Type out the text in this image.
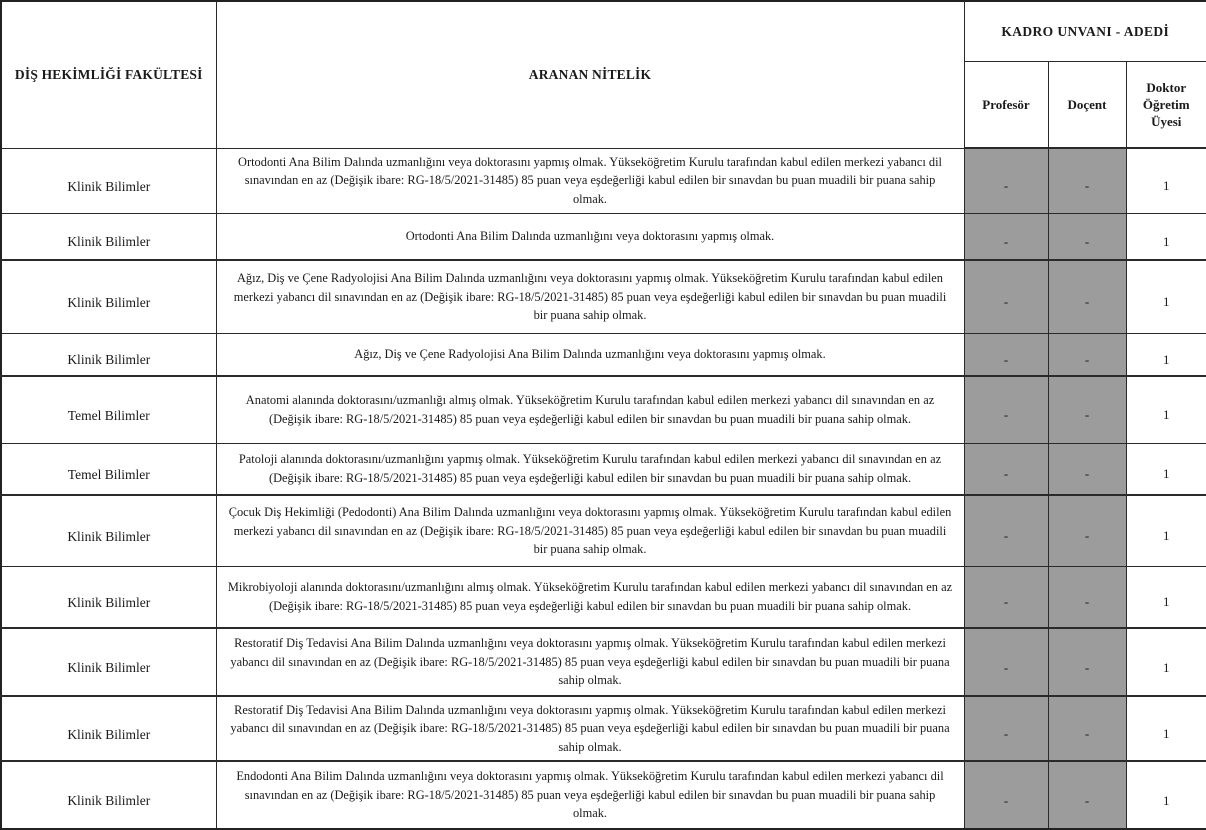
DİŞ HEKİMLİĞİ FAKÜLTESİ	ARANAN NİTELİK	KADRO UNVANI - ADEDİ		
		Profesör	Doçent	Doktor Öğretim Üyesi
Klinik Bilimler	Ortodonti Ana Bilim Dalında uzmanlığını veya doktorasını yapmış olmak. Yükseköğretim Kurulu tarafından kabul edilen merkezi yabancı dil sınavından en az (Değişik ibare: RG-18/5/2021-31485) 85 puan veya eşdeğerliği kabul edilen bir sınavdan bu puan muadili bir puana sahip olmak.	-	-	1
Klinik Bilimler	Ortodonti Ana Bilim Dalında uzmanlığını veya doktorasını yapmış olmak.	-	-	1
Klinik Bilimler	Ağız, Diş ve Çene Radyolojisi Ana Bilim Dalında uzmanlığını veya doktorasını yapmış olmak. Yükseköğretim Kurulu tarafından kabul edilen merkezi yabancı dil sınavından en az (Değişik ibare: RG-18/5/2021-31485) 85 puan veya eşdeğerliği kabul edilen bir sınavdan bu puan muadili bir puana sahip olmak.	-	-	1
Klinik Bilimler	Ağız, Diş ve Çene Radyolojisi Ana Bilim Dalında uzmanlığını veya doktorasını yapmış olmak.	-	-	1
Temel Bilimler	Anatomi alanında doktorasını/uzmanlığı almış olmak. Yükseköğretim Kurulu tarafından kabul edilen merkezi yabancı dil sınavından en az (Değişik ibare: RG-18/5/2021-31485) 85 puan veya eşdeğerliği kabul edilen bir sınavdan bu puan muadili bir puana sahip olmak.	-	-	1
Temel Bilimler	Patoloji alanında doktorasını/uzmanlığını yapmış olmak. Yükseköğretim Kurulu tarafından kabul edilen merkezi yabancı dil sınavından en az (Değişik ibare: RG-18/5/2021-31485) 85 puan veya eşdeğerliği kabul edilen bir sınavdan bu puan muadili bir puana sahip olmak.	-	-	1
Klinik Bilimler	Çocuk Diş Hekimliği (Pedodonti) Ana Bilim Dalında uzmanlığını veya doktorasını yapmış olmak. Yükseköğretim Kurulu tarafından kabul edilen merkezi yabancı dil sınavından en az (Değişik ibare: RG-18/5/2021-31485) 85 puan veya eşdeğerliği kabul edilen bir sınavdan bu puan muadili bir puana sahip olmak.	-	-	1
Klinik Bilimler	Mikrobiyoloji alanında doktorasını/uzmanlığını almış olmak. Yükseköğretim Kurulu tarafından kabul edilen merkezi yabancı dil sınavından en az (Değişik ibare: RG-18/5/2021-31485) 85 puan veya eşdeğerliği kabul edilen bir sınavdan bu puan muadili bir puana sahip olmak.	-	-	1
Klinik Bilimler	Restoratif Diş Tedavisi Ana Bilim Dalında uzmanlığını veya doktorasını yapmış olmak. Yükseköğretim Kurulu tarafından kabul edilen merkezi yabancı dil sınavından en az (Değişik ibare: RG-18/5/2021-31485) 85 puan veya eşdeğerliği kabul edilen bir sınavdan bu puan muadili bir puana sahip olmak.	-	-	1
Klinik Bilimler	Restoratif Diş Tedavisi Ana Bilim Dalında uzmanlığını veya doktorasını yapmış olmak. Yükseköğretim Kurulu tarafından kabul edilen merkezi yabancı dil sınavından en az (Değişik ibare: RG-18/5/2021-31485) 85 puan veya eşdeğerliği kabul edilen bir sınavdan bu puan muadili bir puana sahip olmak.	-	-	1
Klinik Bilimler	Endodonti Ana Bilim Dalında uzmanlığını veya doktorasını yapmış olmak. Yükseköğretim Kurulu tarafından kabul edilen merkezi yabancı dil sınavından en az (Değişik ibare: RG-18/5/2021-31485) 85 puan veya eşdeğerliği kabul edilen bir sınavdan bu puan muadili bir puana sahip olmak.	-	-	1
